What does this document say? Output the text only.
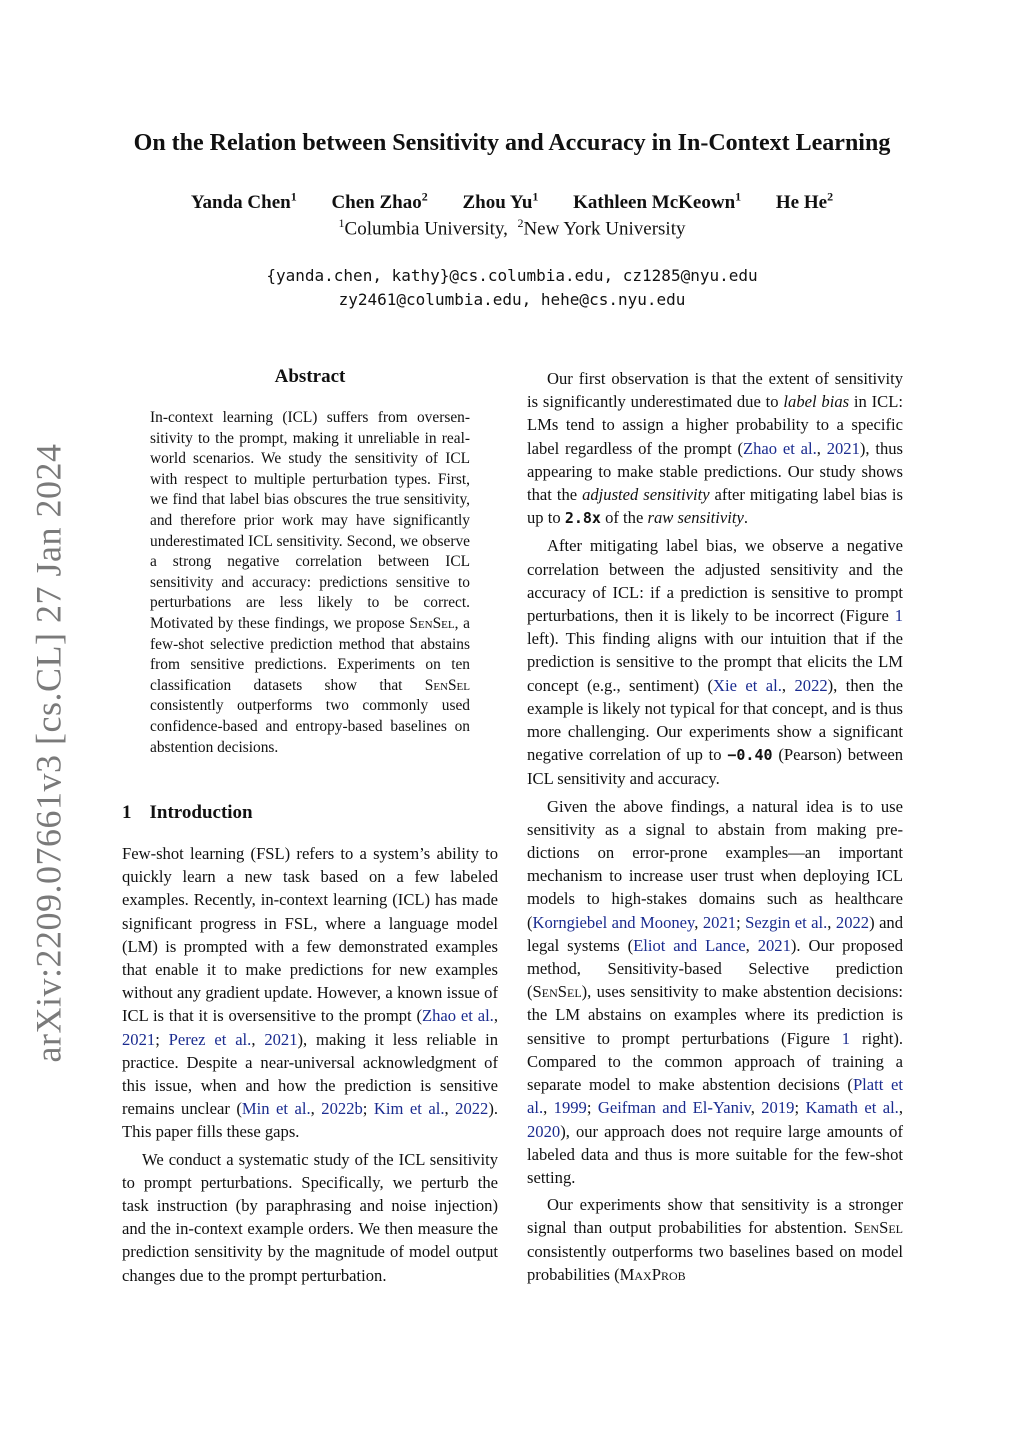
arXiv:2209.07661v3 [cs.CL] 27 Jan 2024
On the Relation between Sensitivity and Accuracy in In-Context Learning
Yanda Chen$^1$ Chen Zhao$^2$ Zhou Yu$^1$ Kathleen McKeown$^1$ He He$^2$
$^1$Columbia University, $^2$New York University
{yanda.chen, kathy}@cs.columbia.edu, cz1285@nyu.edu
zy2461@columbia.edu, hehe@cs.nyu.edu
Abstract
In-context learning (ICL) suffers from oversensitivity to the prompt, making it unreliable in real-world scenarios. We study the sensitivity of ICL with respect to multiple perturbation types. First, we find that label bias obscures the true sensitivity, and therefore prior work may have significantly underestimated ICL sensitivity. Second, we observe a strong negative correlation between ICL sensitivity and accuracy: predictions sensitive to perturbations are less likely to be correct. Motivated by these findings, we propose SenSel, a few-shot selective prediction method that abstains from sensitive predictions. Experiments on ten classification datasets show that SenSel consistently outperforms two commonly used confidence-based and entropy-based baselines on abstention decisions.
1 Introduction

Few-shot learning (FSL) refers to a system’s ability to quickly learn a new task based on a few labeled examples. Recently, in-context learning (ICL) has made significant progress in FSL, where a language model (LM) is prompted with a few demonstrated examples that enable it to make predictions for new examples without any gradient update. However, a known issue of ICL is that it is oversensitive to the prompt (Zhao et al., 2021; Perez et al., 2021), making it less reliable in practice. Despite a near-universal acknowledgment of this issue, when and how the prediction is sensitive remains unclear (Min et al., 2022b; Kim et al., 2022). This paper fills these gaps.

We conduct a systematic study of the ICL sensitivity to prompt perturbations. Specifically, we perturb the task instruction (by paraphrasing and noise injection) and the in-context example orders. We then measure the prediction sensitivity by the magnitude of model output changes due to the prompt perturbation.

Our first observation is that the extent of sensitivity is significantly underestimated due to label bias in ICL: LMs tend to assign a higher probability to a specific label regardless of the prompt (Zhao et al., 2021), thus appearing to make stable predictions. Our study shows that the adjusted sensitivity after mitigating label bias is up to 2.8x of the raw sensitivity.

After mitigating label bias, we observe a negative correlation between the adjusted sensitivity and the accuracy of ICL: if a prediction is sensitive to prompt perturbations, then it is likely to be incorrect (Figure 1 left). This finding aligns with our intuition that if the prediction is sensitive to the prompt that elicits the LM concept (e.g., sentiment) (Xie et al., 2022), then the example is likely not typical for that concept, and is thus more challenging. Our experiments show a significant negative correlation of up to −0.40 (Pearson) between ICL sensitivity and accuracy.

Given the above findings, a natural idea is to use sensitivity as a signal to abstain from making predictions on error-prone examples—an important mechanism to increase user trust when deploying ICL models to high-stakes domains such as healthcare (Korngiebel and Mooney, 2021; Sezgin et al., 2022) and legal systems (Eliot and Lance, 2021). Our proposed method, Sensitivity-based Selective prediction (SenSel), uses sensitivity to make abstention decisions: the LM abstains on examples where its prediction is sensitive to prompt perturbations (Figure 1 right). Compared to the common approach of training a separate model to make abstention decisions (Platt et al., 1999; Geifman and El-Yaniv, 2019; Kamath et al., 2020), our approach does not require large amounts of labeled data and thus is more suitable for the few-shot setting.

Our experiments show that sensitivity is a stronger signal than output probabilities for abstention. SenSel consistently outperforms two baselines based on model probabilities (MaxProb
